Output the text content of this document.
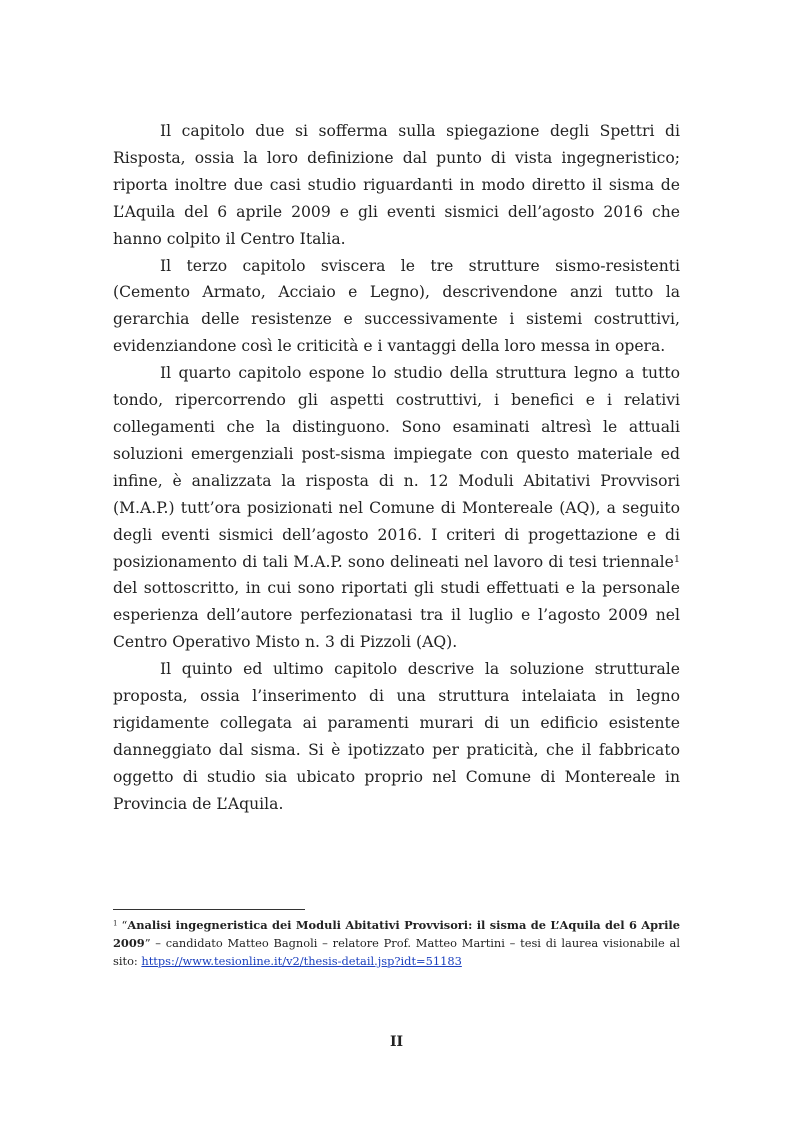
Il capitolo due si sofferma sulla spiegazione degli Spettri di Risposta, ossia la loro definizione dal punto di vista ingegneristico; riporta inoltre due casi studio riguardanti in modo diretto il sisma de L’Aquila del 6 aprile 2009 e gli eventi sismici dell’agosto 2016 che hanno colpito il Centro Italia.

Il terzo capitolo sviscera le tre strutture sismo-resistenti (Cemento Armato, Acciaio e Legno), descrivendone anzi tutto la gerarchia delle resistenze e successivamente i sistemi costruttivi, evidenziandone così le criticità e i vantaggi della loro messa in opera.

Il quarto capitolo espone lo studio della struttura legno a tutto tondo, ripercorrendo gli aspetti costruttivi, i benefici e i relativi collegamenti che la distinguono. Sono esaminati altresì le attuali soluzioni emergenziali post-sisma impiegate con questo materiale ed infine, è analizzata la risposta di n. 12 Moduli Abitativi Provvisori (M.A.P.) tutt’ora posizionati nel Comune di Montereale (AQ), a seguito degli eventi sismici dell’agosto 2016. I criteri di progettazione e di posizionamento di tali M.A.P. sono delineati nel lavoro di tesi triennale$^1$ del sottoscritto, in cui sono riportati gli studi effettuati e la personale esperienza dell’autore perfezionatasi tra il luglio e l’agosto 2009 nel Centro Operativo Misto n. 3 di Pizzoli (AQ).

Il quinto ed ultimo capitolo descrive la soluzione strutturale proposta, ossia l’inserimento di una struttura intelaiata in legno rigidamente collegata ai paramenti murari di un edificio esistente danneggiato dal sisma. Si è ipotizzato per praticità, che il fabbricato oggetto di studio sia ubicato proprio nel Comune di Montereale in Provincia de L’Aquila.

$^1$ “Analisi ingegneristica dei Moduli Abitativi Provvisori: il sisma de L’Aquila del 6 Aprile 2009” – candidato Matteo Bagnoli – relatore Prof. Matteo Martini – tesi di laurea visionabile al sito: https://www.tesionline.it/v2/thesis-detail.jsp?idt=51183
II
